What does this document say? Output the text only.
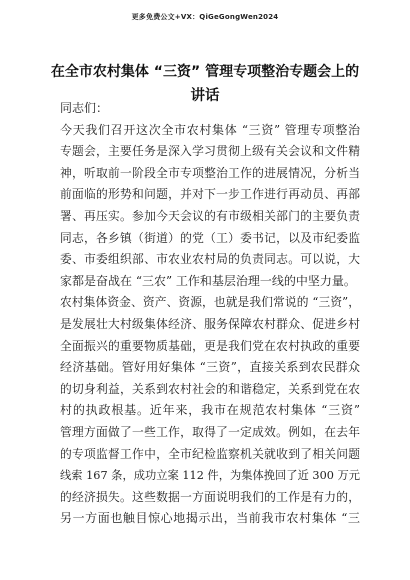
更多免费公文+VX：QiGeGongWen2024
在全市农村集体 “三资” 管理专项整治专题会上的
讲话
同志们：
今天我们召开这次全市农村集体 “三资” 管理专项整治
专题会，主要任务是深入学习贯彻上级有关会议和文件精
神，听取前一阶段全市专项整治工作的进展情况，分析当
前面临的形势和问题，并对下一步工作进行再动员、再部
署、再压实。参加今天会议的有市级相关部门的主要负责
同志，各乡镇（街道）的党（工）委书记，以及市纪委监
委、市委组织部、市农业农村局的负责同志。可以说，大
家都是奋战在 “三农” 工作和基层治理一线的中坚力量。
农村集体资金、资产、资源，也就是我们常说的 “三资”，
是发展壮大村级集体经济、服务保障农村群众、促进乡村
全面振兴的重要物质基础，更是我们党在农村执政的重要
经济基础。管好用好集体 “三资”，直接关系到农民群众
的切身利益，关系到农村社会的和谐稳定，关系到党在农
村的执政根基。近年来，我市在规范农村集体 “三资”
管理方面做了一些工作，取得了一定成效。例如，在去年
的专项监督工作中，全市纪检监察机关就收到了相关问题
线索 167 条，成功立案 112 件，为集体挽回了近 300 万元
的经济损失。这些数据一方面说明我们的工作是有力的，
另一方面也触目惊心地揭示出，当前我市农村集体 “三
